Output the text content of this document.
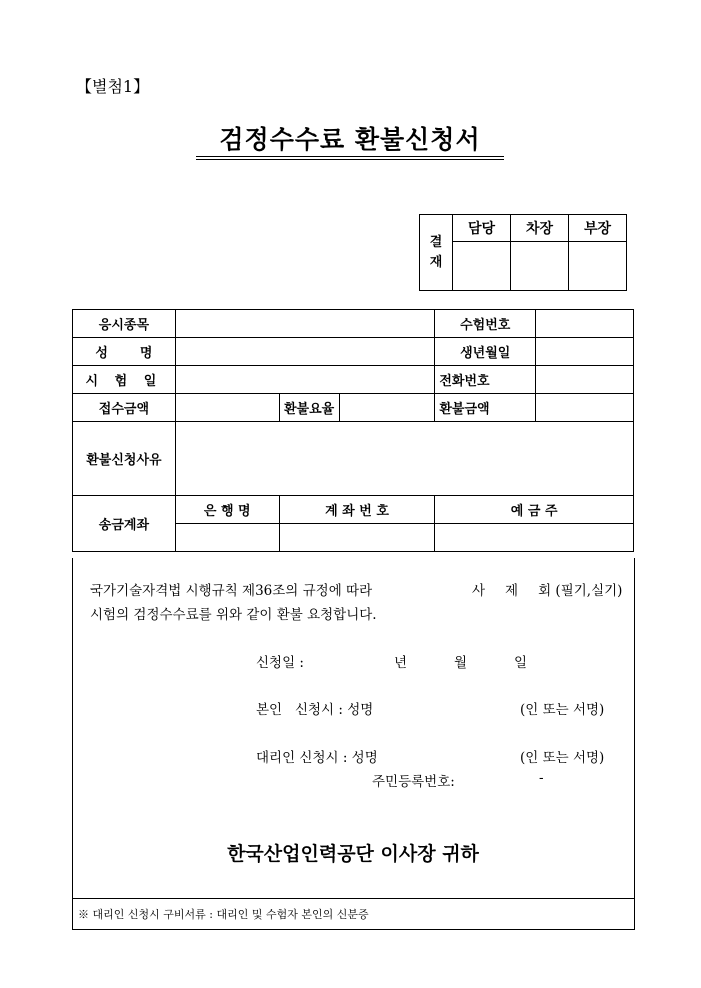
【별첨1】
검정수수료 환불신청서
결
재	담당	차장	부장

응시종목				수험번호	
성 명				생년월일	
시 험 일				전화번호	
접수금액		환불요율		환불금액	
환불신청사유					
송금계좌	은 행 명	계 좌 번 호		예 금 주	

국가기술자격법 시행규칙 제36조의 규정에 따라	사 제 회 (필기,실기)
시험의 검정수수료를 위와 같이 환불 요청합니다.
신청일 :	년	월	일
본인   신청시 : 성명	(인 또는 서명)
대리인 신청시 : 성명	(인 또는 서명)
주민등록번호:	-
한국산업인력공단 이사장 귀하
※ 대리인 신청시 구비서류 : 대리인 및 수험자 본인의 신분증
